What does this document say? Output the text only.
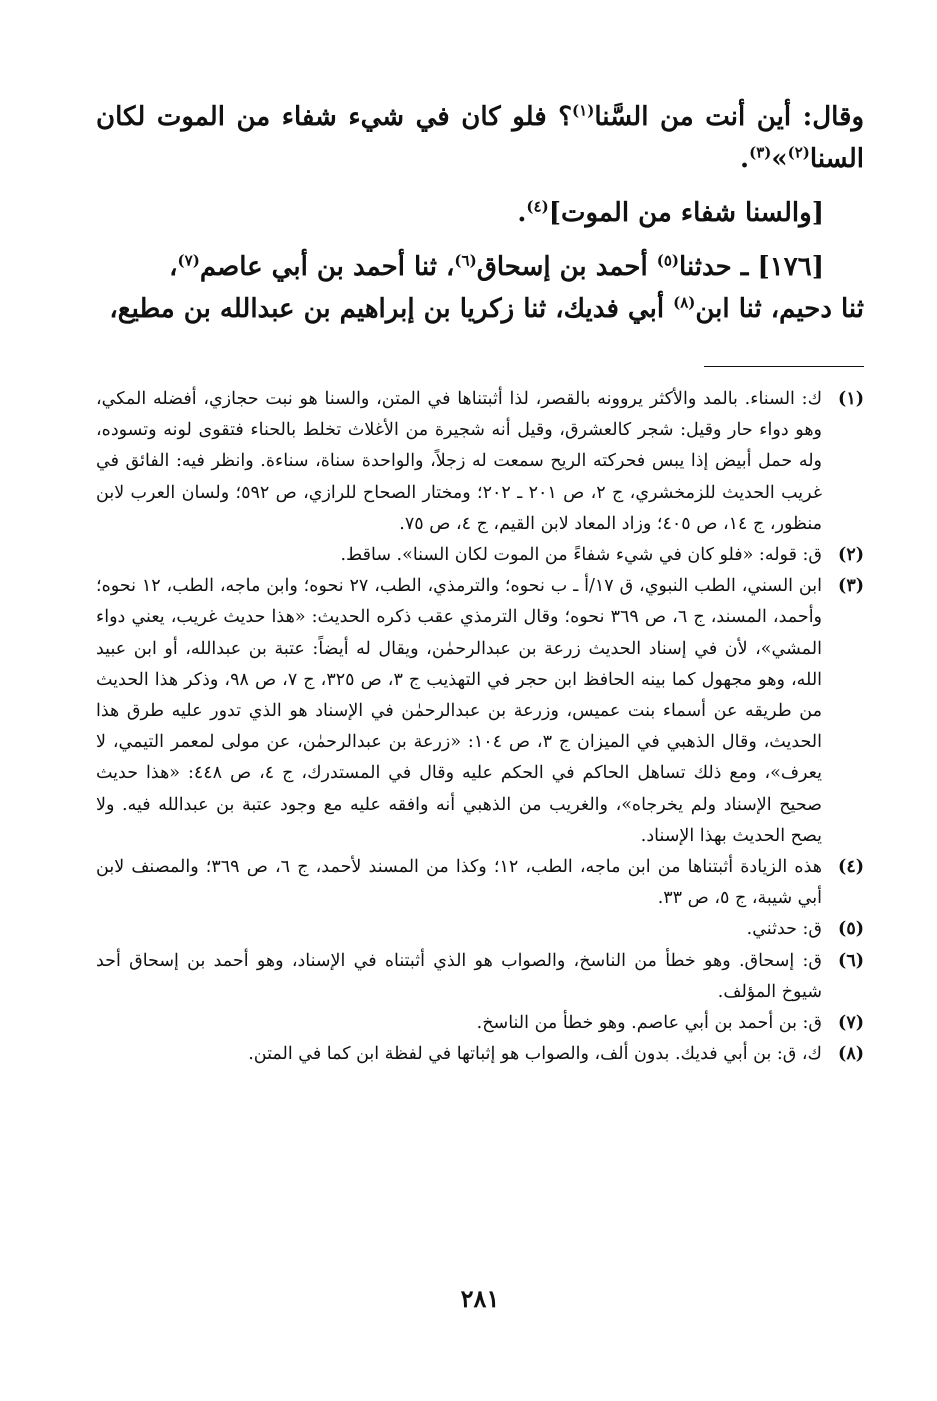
وقال: أين أنت من السَّنا$^{(١)}$؟ فلو كان في شيء شفاء من الموت لكان
السنا$^{(٢)}$»$^{(٣)}$.
[والسنا شفاء من الموت]$^{(٤)}$.
[١٧٦] ـ حدثنا$^{(٥)}$ أحمد بن إسحاق$^{(٦)}$، ثنا أحمد بن أبي عاصم$^{(٧)}$،
ثنا دحيم، ثنا ابن$^{(٨)}$ أبي فديك، ثنا زكريا بن إبراهيم بن عبدالله بن مطيع،
(١)
ك: السناء. بالمد والأكثر يروونه بالقصر، لذا أثبتناها في المتن، والسنا هو نبت حجازي، أفضله المكي، وهو دواء حار وقيل: شجر كالعشرق، وقيل أنه شجيرة من الأغلاث تخلط بالحناء فتقوى لونه وتسوده، وله حمل أبيض إذا يبس فحركته الريح سمعت له زجلاً، والواحدة سناة، سناءة. وانظر فيه: الفائق في غريب الحديث للزمخشري، ج ٢، ص ٢٠١ ـ ٢٠٢؛ ومختار الصحاح للرازي، ص ٥٩٢؛ ولسان العرب لابن منظور، ج ١٤، ص ٤٠٥؛ وزاد المعاد لابن القيم، ج ٤، ص ٧٥.
(٢)
ق: قوله: «فلو كان في شيء شفاءً من الموت لكان السنا». ساقط.
(٣)
ابن السني، الطب النبوي، ق ١٧/أ ـ ب نحوه؛ والترمذي، الطب، ٢٧ نحوه؛ وابن ماجه، الطب، ١٢ نحوه؛ وأحمد، المسند، ج ٦، ص ٣٦٩ نحوه؛ وقال الترمذي عقب ذكره الحديث: «هذا حديث غريب، يعني دواء المشي»، لأن في إسناد الحديث زرعة بن عبدالرحمٰن، ويقال له أيضاً: عتبة بن عبدالله، أو ابن عبيد الله، وهو مجهول كما بينه الحافظ ابن حجر في التهذيب ج ٣، ص ٣٢٥، ج ٧، ص ٩٨، وذكر هذا الحديث من طريقه عن أسماء بنت عميس، وزرعة بن عبدالرحمٰن في الإسناد هو الذي تدور عليه طرق هذا الحديث، وقال الذهبي في الميزان ج ٣، ص ١٠٤: «زرعة بن عبدالرحمٰن، عن مولى لمعمر التيمي، لا يعرف»، ومع ذلك تساهل الحاكم في الحكم عليه وقال في المستدرك، ج ٤، ص ٤٤٨: «هذا حديث صحيح الإسناد ولم يخرجاه»، والغريب من الذهبي أنه وافقه عليه مع وجود عتبة بن عبدالله فيه. ولا يصح الحديث بهذا الإسناد.
(٤)
هذه الزيادة أثبتناها من ابن ماجه، الطب، ١٢؛ وكذا من المسند لأحمد، ج ٦، ص ٣٦٩؛ والمصنف لابن أبي شيبة، ج ٥، ص ٣٣.
(٥)
ق: حدثني.
(٦)
ق: إسحاق. وهو خطأ من الناسخ، والصواب هو الذي أثبتناه في الإسناد، وهو أحمد بن إسحاق أحد شيوخ المؤلف.
(٧)
ق: بن أحمد بن أبي عاصم. وهو خطأ من الناسخ.
(٨)
ك، ق: بن أبي فديك. بدون ألف، والصواب هو إثباتها في لفظة ابن كما في المتن.
٢٨١
